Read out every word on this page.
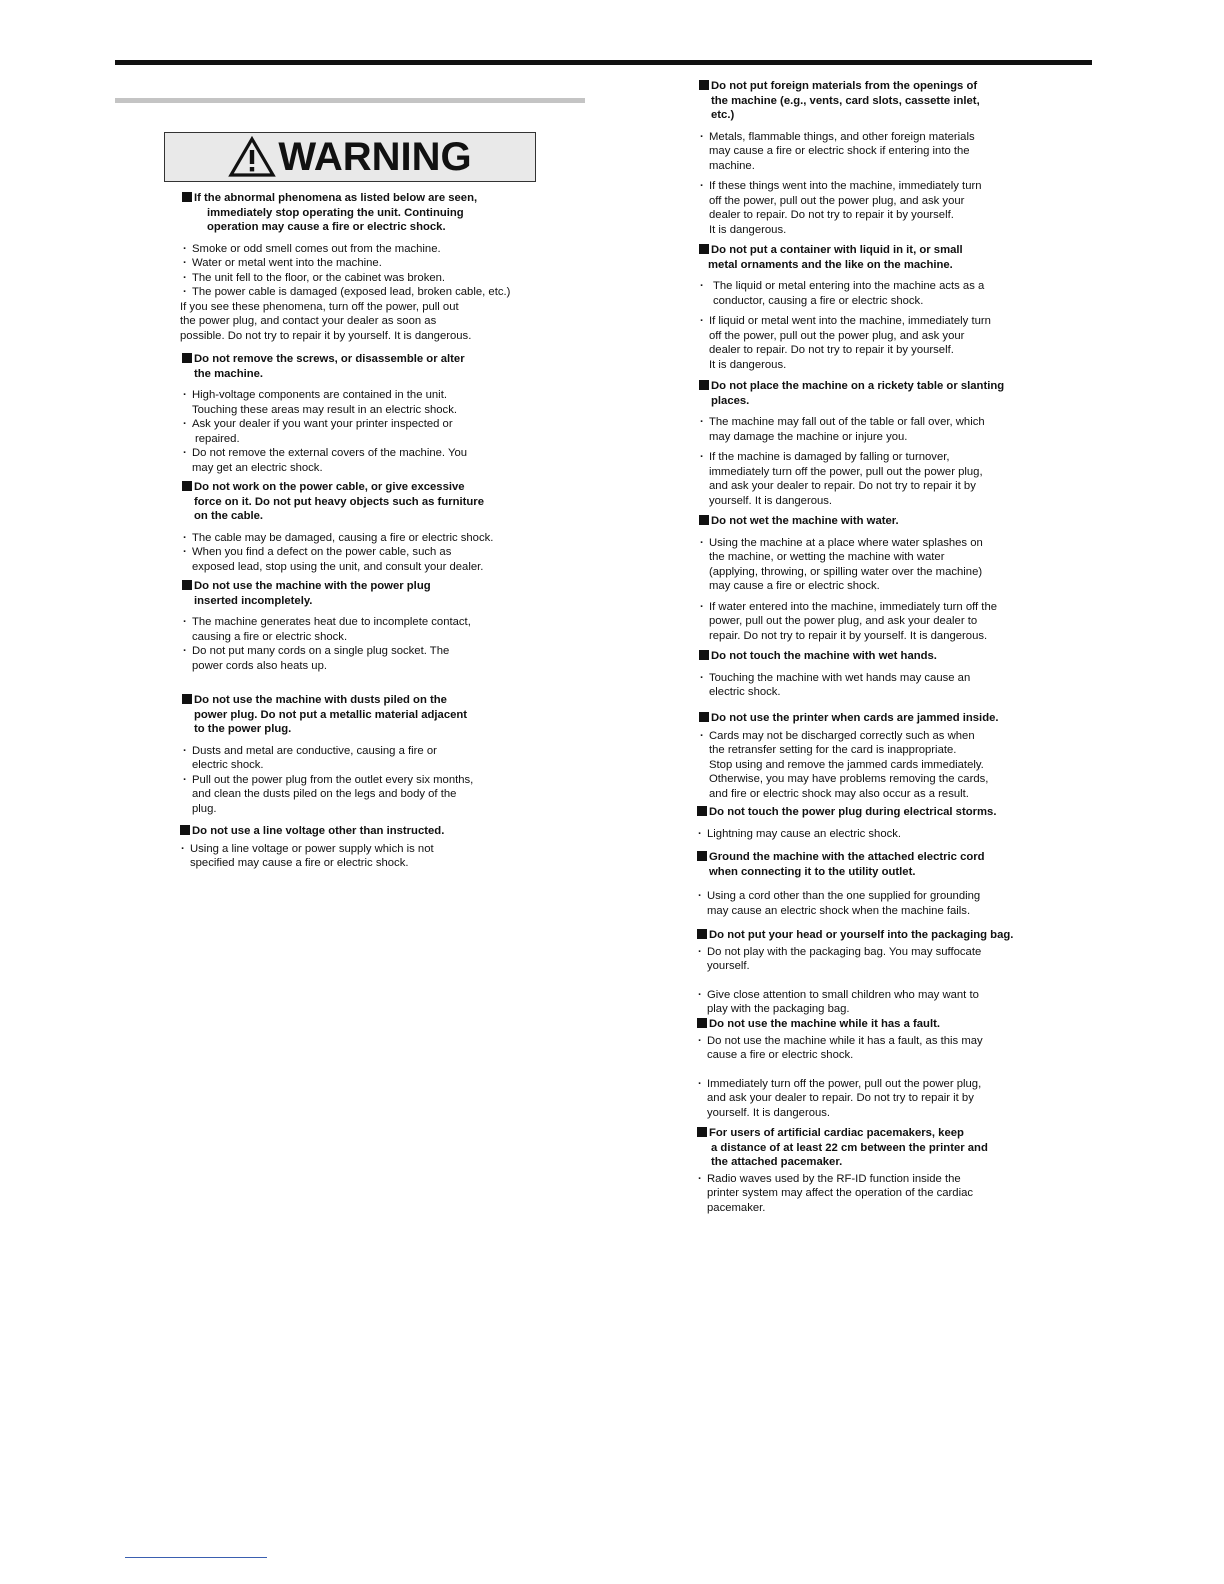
WARNING
If the abnormal phenomena as listed below are seen,
immediately stop operating the unit. Continuing
operation may cause a fire or electric shock.
· Smoke or odd smell comes out from the machine.
· Water or metal went into the machine.
· The unit fell to the floor, or the cabinet was broken.
· The power cable is damaged (exposed lead, broken cable, etc.)
If you see these phenomena, turn off the power, pull out
the power plug, and contact your dealer as soon as
possible. Do not try to repair it by yourself. It is dangerous.
Do not remove the screws, or disassemble or alter
the machine.
· High-voltage components are contained in the unit.
Touching these areas may result in an electric shock.
· Ask your dealer if you want your printer inspected or
repaired.
· Do not remove the external covers of the machine. You
may get an electric shock.
Do not work on the power cable, or give excessive
force on it. Do not put heavy objects such as furniture
on the cable.
· The cable may be damaged, causing a fire or electric shock.
· When you find a defect on the power cable, such as
exposed lead, stop using the unit, and consult your dealer.
Do not use the machine with the power plug
inserted incompletely.
· The machine generates heat due to incomplete contact,
causing a fire or electric shock.
· Do not put many cords on a single plug socket. The
power cords also heats up.
Do not use the machine with dusts piled on the
power plug. Do not put a metallic material adjacent
to the power plug.
· Dusts and metal are conductive, causing a fire or
electric shock.
· Pull out the power plug from the outlet every six months,
and clean the dusts piled on the legs and body of the
plug.
Do not use a line voltage other than instructed.
· Using a line voltage or power supply which is not
specified may cause a fire or electric shock.
Do not put foreign materials from the openings of
the machine (e.g., vents, card slots, cassette inlet,
etc.)
· Metals, flammable things, and other foreign materials
may cause a fire or electric shock if entering into the
machine.
· If these things went into the machine, immediately turn
off the power, pull out the power plug, and ask your
dealer to repair. Do not try to repair it by yourself.
It is dangerous.
Do not put a container with liquid in it, or small
metal ornaments and the like on the machine.
· The liquid or metal entering into the machine acts as a
conductor, causing a fire or electric shock.
· If liquid or metal went into the machine, immediately turn
off the power, pull out the power plug, and ask your
dealer to repair. Do not try to repair it by yourself.
It is dangerous.
Do not place the machine on a rickety table or slanting
places.
· The machine may fall out of the table or fall over, which
may damage the machine or injure you.
· If the machine is damaged by falling or turnover,
immediately turn off the power, pull out the power plug,
and ask your dealer to repair. Do not try to repair it by
yourself. It is dangerous.
Do not wet the machine with water.
· Using the machine at a place where water splashes on
the machine, or wetting the machine with water
(applying, throwing, or spilling water over the machine)
may cause a fire or electric shock.
· If water entered into the machine, immediately turn off the
power, pull out the power plug, and ask your dealer to
repair. Do not try to repair it by yourself. It is dangerous.
Do not touch the machine with wet hands.
· Touching the machine with wet hands may cause an
electric shock.
Do not use the printer when cards are jammed inside.
· Cards may not be discharged correctly such as when
the retransfer setting for the card is inappropriate.
Stop using and remove the jammed cards immediately.
Otherwise, you may have problems removing the cards,
and fire or electric shock may also occur as a result.
Do not touch the power plug during electrical storms.
· Lightning may cause an electric shock.
Ground the machine with the attached electric cord
when connecting it to the utility outlet.
· Using a cord other than the one supplied for grounding
may cause an electric shock when the machine fails.
Do not put your head or yourself into the packaging bag.
· Do not play with the packaging bag. You may suffocate
yourself.
· Give close attention to small children who may want to
play with the packaging bag.
Do not use the machine while it has a fault.
· Do not use the machine while it has a fault, as this may
cause a fire or electric shock.
· Immediately turn off the power, pull out the power plug,
and ask your dealer to repair. Do not try to repair it by
yourself. It is dangerous.
For users of artificial cardiac pacemakers, keep
a distance of at least 22 cm between the printer and
the attached pacemaker.
· Radio waves used by the RF-ID function inside the
printer system may affect the operation of the cardiac
pacemaker.
